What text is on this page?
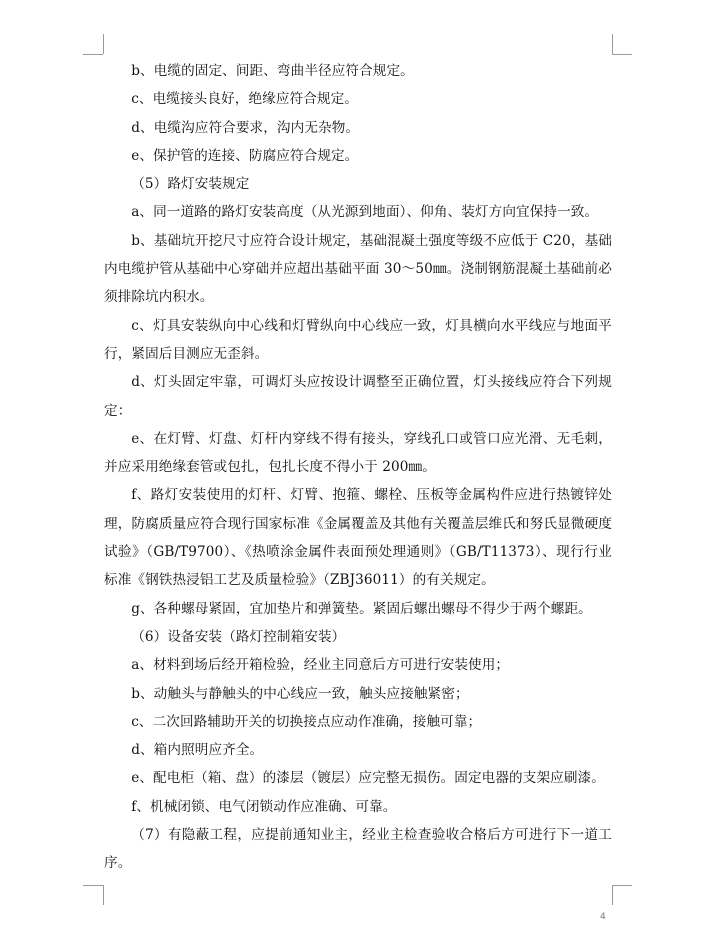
b、电缆的固定、间距、弯曲半径应符合规定。

c、电缆接头良好，绝缘应符合规定。

d、电缆沟应符合要求，沟内无杂物。

e、保护管的连接、防腐应符合规定。

（5）路灯安装规定

a、同一道路的路灯安装高度（从光源到地面）、仰角、装灯方向宜保持一致。

b、基础坑开挖尺寸应符合设计规定，基础混凝土强度等级不应低于 C20，基础内电缆护管从基础中心穿础并应超出基础平面 30～50㎜。浇制钢筋混凝土基础前必须排除坑内积水。

c、灯具安装纵向中心线和灯臂纵向中心线应一致，灯具横向水平线应与地面平行，紧固后目测应无歪斜。

d、灯头固定牢靠，可调灯头应按设计调整至正确位置，灯头接线应符合下列规定：

e、在灯臂、灯盘、灯杆内穿线不得有接头，穿线孔口或管口应光滑、无毛刺，并应采用绝缘套管或包扎，包扎长度不得小于 200㎜。

f、路灯安装使用的灯杆、灯臂、抱箍、螺栓、压板等金属构件应进行热镀锌处理，防腐质量应符合现行国家标准《金属覆盖及其他有关覆盖层维氏和努氏显微硬度试验》（GB/T9700）、《热喷涂金属件表面预处理通则》（GB/T11373）、现行行业标准《钢铁热浸铝工艺及质量检验》（ZBJ36011）的有关规定。

g、各种螺母紧固，宜加垫片和弹簧垫。紧固后螺出螺母不得少于两个螺距。

（6）设备安装（路灯控制箱安装）

a、材料到场后经开箱检验，经业主同意后方可进行安装使用；

b、动触头与静触头的中心线应一致，触头应接触紧密；

c、二次回路辅助开关的切换接点应动作准确，接触可靠；

d、箱内照明应齐全。

e、配电柜（箱、盘）的漆层（镀层）应完整无损伤。固定电器的支架应刷漆。

f、机械闭锁、电气闭锁动作应准确、可靠。

（7）有隐蔽工程，应提前通知业主，经业主检查验收合格后方可进行下一道工序。

4
